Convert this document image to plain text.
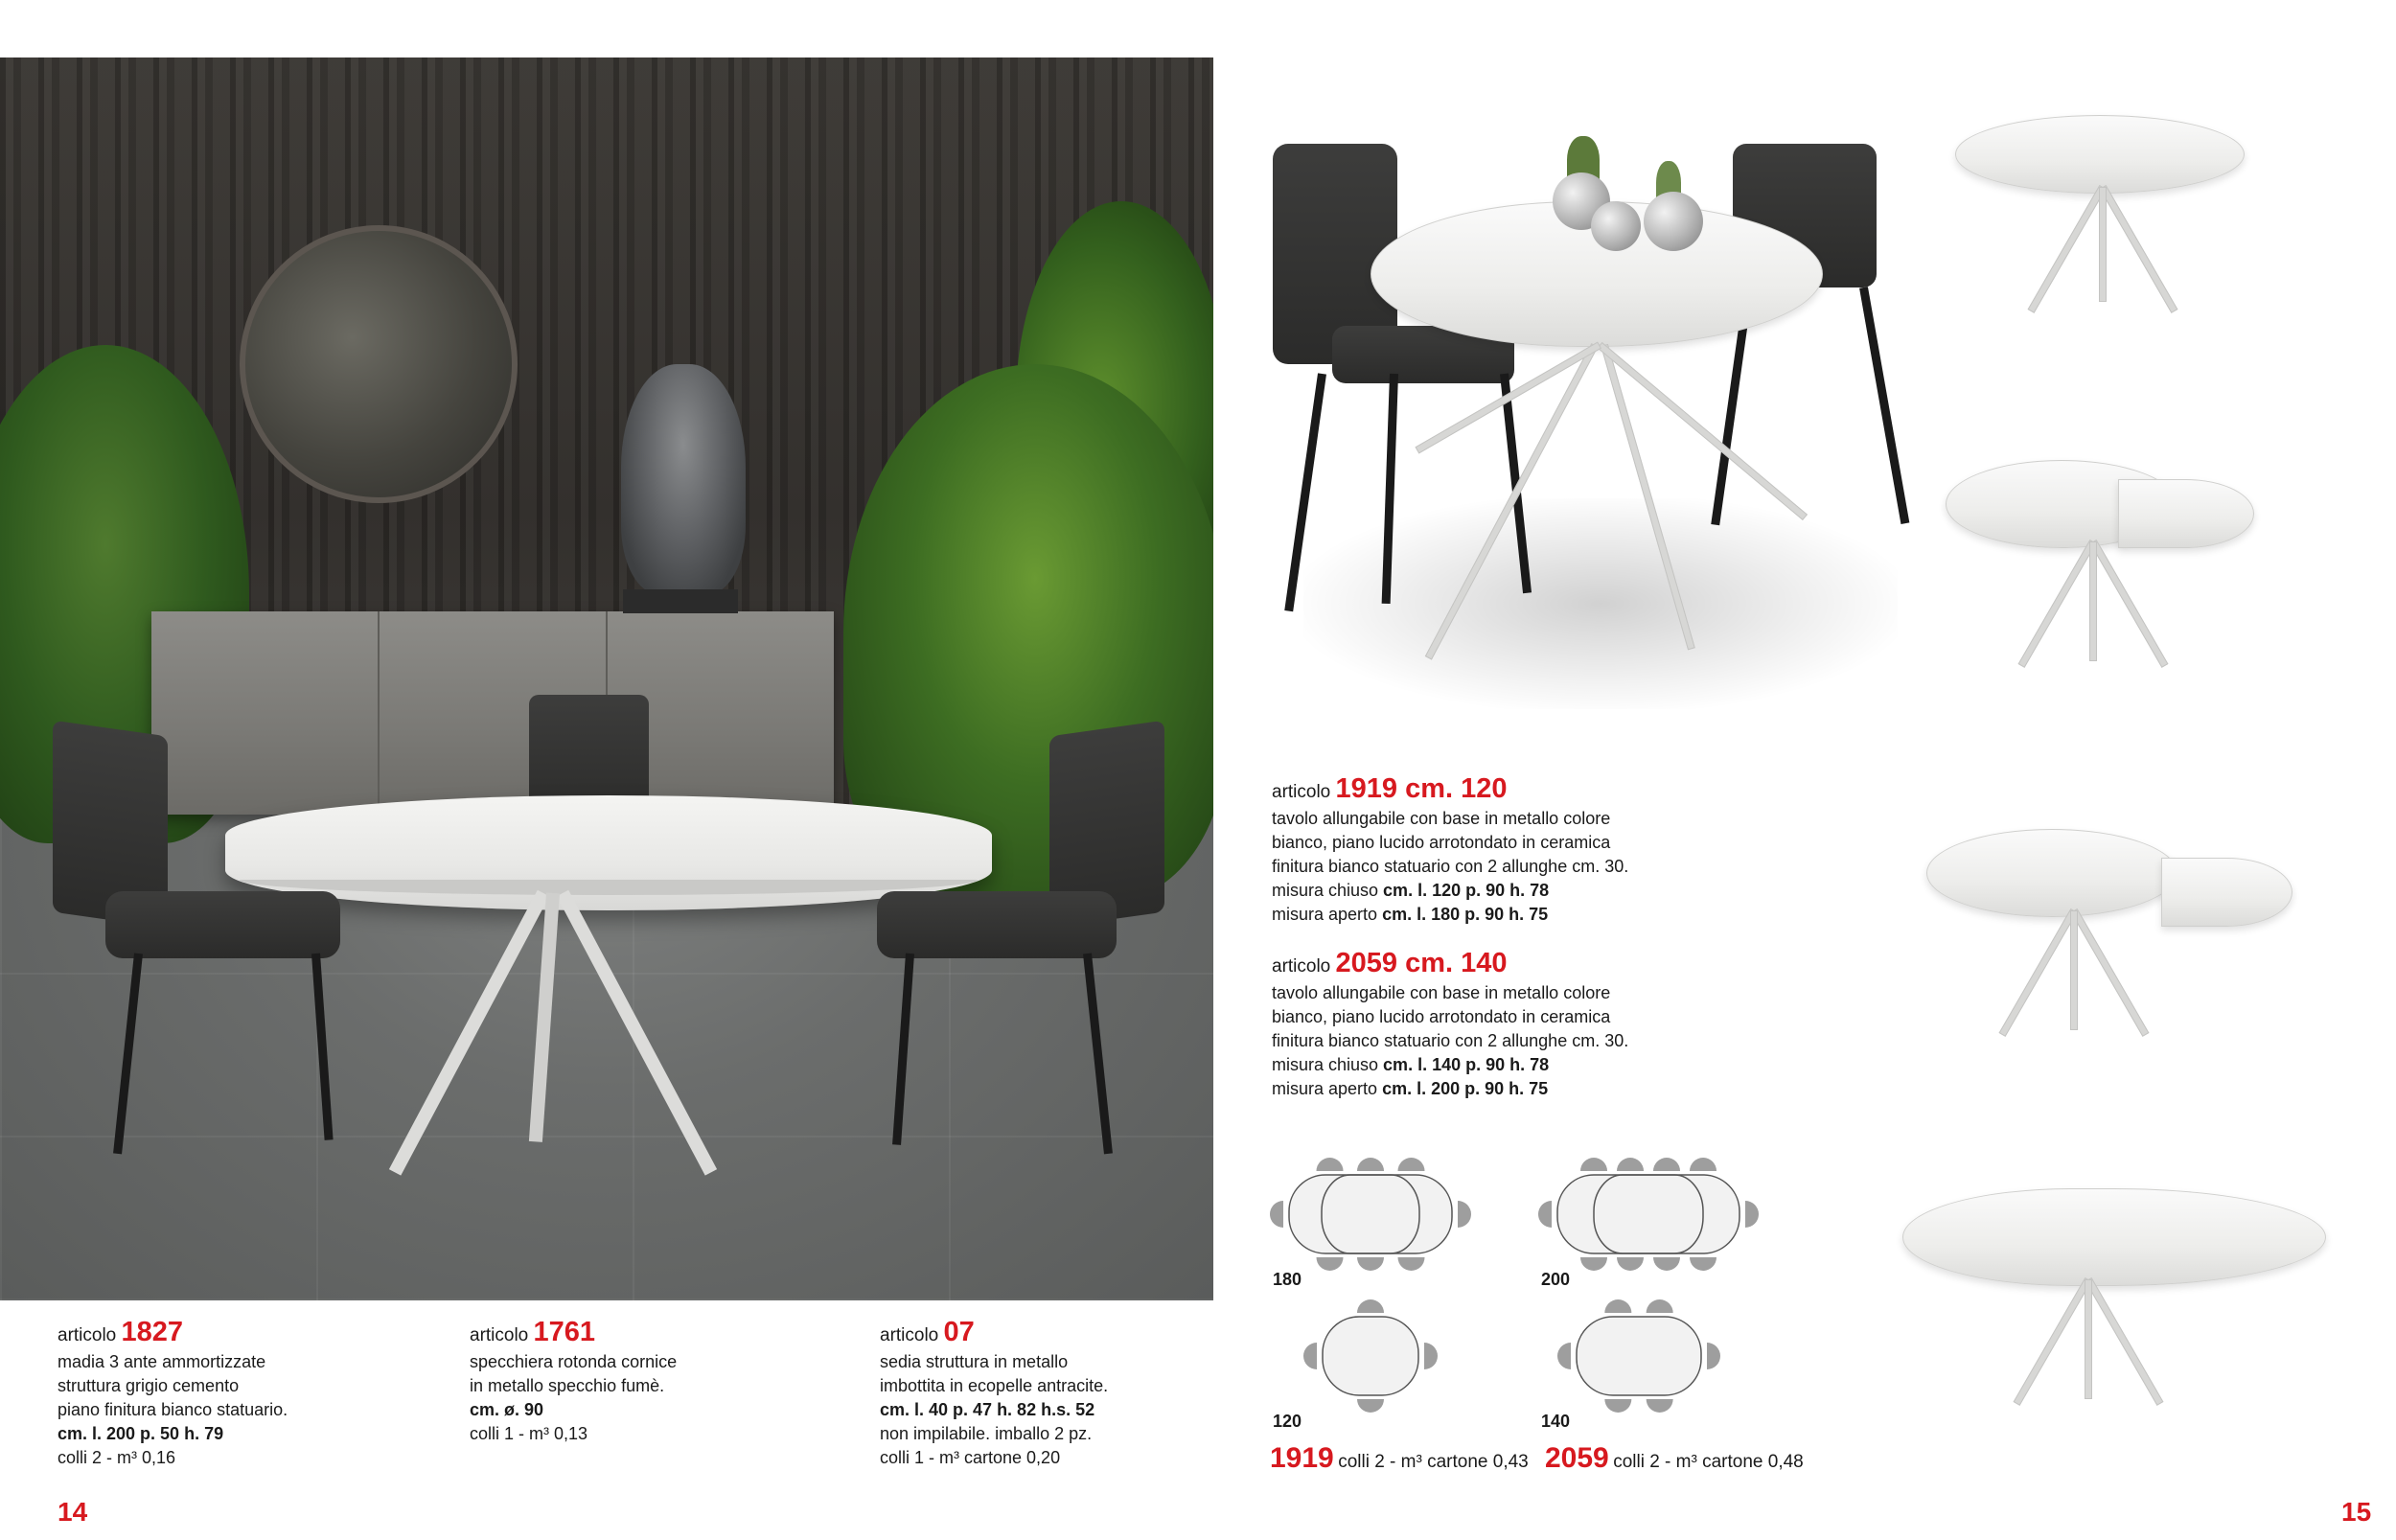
articolo 1919 cm. 120
tavolo allungabile con base in metallo colore
bianco, piano lucido arrotondato in ceramica
finitura bianco statuario con 2 allunghe cm. 30.
misura chiuso cm. l. 120 p. 90 h. 78
misura aperto cm. l. 180 p. 90 h. 75
articolo 2059 cm. 140
tavolo allungabile con base in metallo colore
bianco, piano lucido arrotondato in ceramica
finitura bianco statuario con 2 allunghe cm. 30.
misura chiuso cm. l. 140 p. 90 h. 78
misura aperto cm. l. 200 p. 90 h. 75
180	200
120	140
1919 colli 2 - m³ cartone 0,43 2059 colli 2 - m³ cartone 0,48
articolo 1827
madia 3 ante ammortizzate
struttura grigio cemento
piano finitura bianco statuario.
cm. l. 200 p. 50 h. 79
colli 2 - m³ 0,16
articolo 1761
specchiera rotonda cornice
in metallo specchio fumè.
cm. ø. 90
colli 1 - m³ 0,13
articolo 07
sedia struttura in metallo
imbottita in ecopelle antracite.
cm. l. 40 p. 47 h. 82 h.s. 52
non impilabile. imballo 2 pz.
colli 1 - m³ cartone 0,20
14	15
